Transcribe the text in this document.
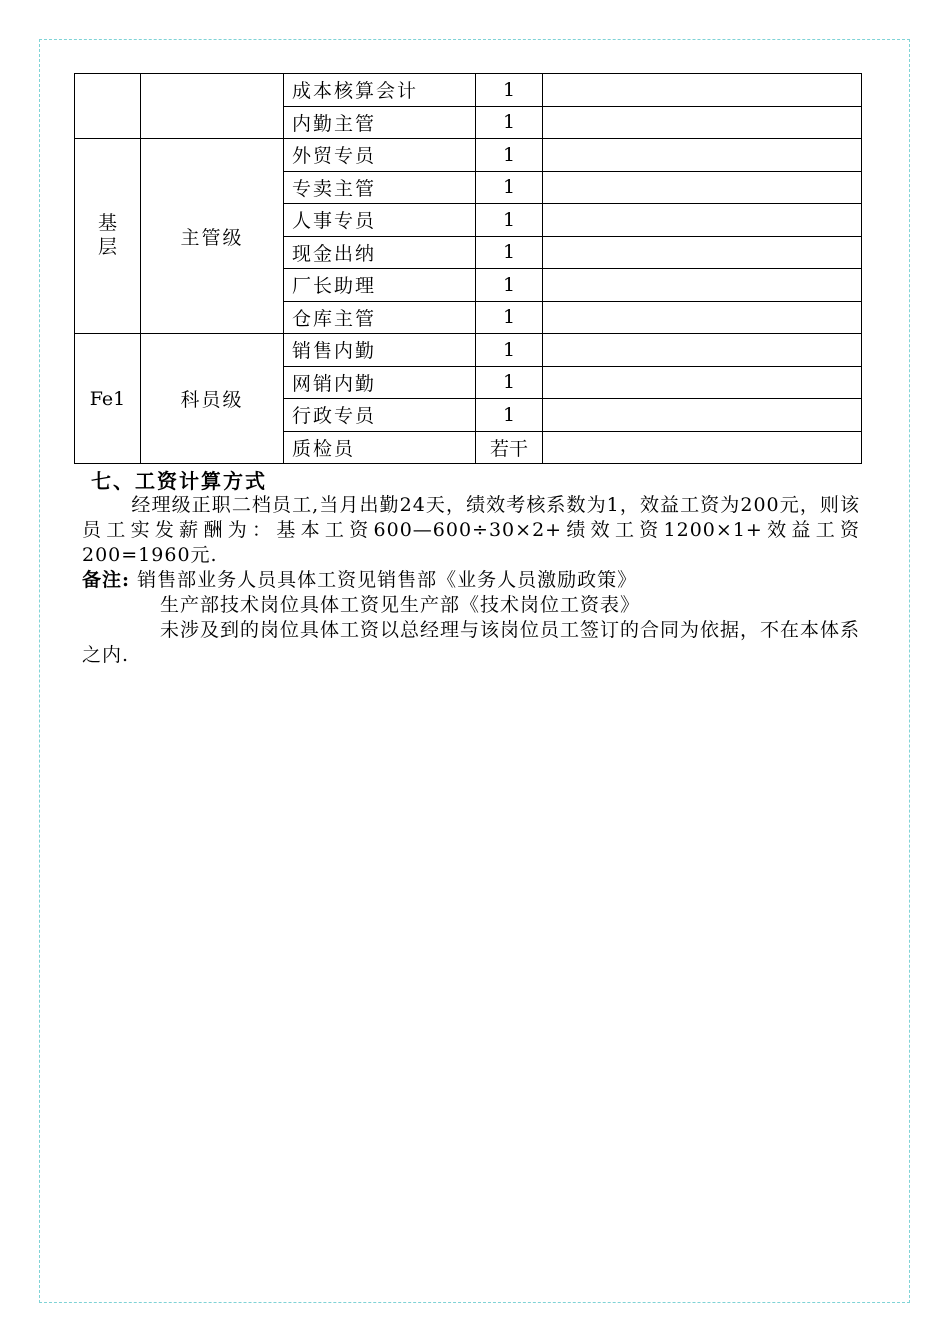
		成本核算会计	1	
		内勤主管	1	
基层	主管级	外贸专员	1	
		专卖主管	1	
		人事专员	1	
		现金出纳	1	
		厂长助理	1	
		仓库主管	1	
Fe1	科员级	销售内勤	1	
		网销内勤	1	
		行政专员	1	
		质检员	若干	
七、工资计算方式
经理级正职二档员工,当月出勤24天，绩效考核系数为1，效益工资为200元，则该员工实发薪酬为：基本工资600—600÷30×2+绩效工资1200×1+效益工资200=1960元.
备注: 销售部业务人员具体工资见销售部《业务人员激励政策》
生产部技术岗位具体工资见生产部《技术岗位工资表》
未涉及到的岗位具体工资以总经理与该岗位员工签订的合同为依据，不在本体系之内.
